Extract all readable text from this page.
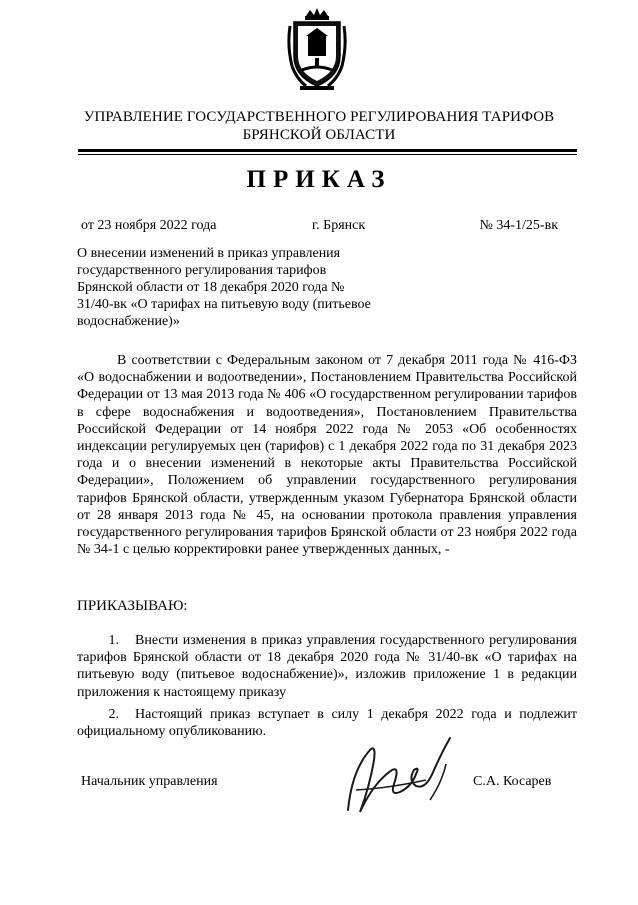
УПРАВЛЕНИЕ ГОСУДАРСТВЕННОГО РЕГУЛИРОВАНИЯ ТАРИФОВ
БРЯНСКОЙ ОБЛАСТИ
ПРИКАЗ
от 23 ноября 2022 года	г. Брянск	№ 34-1/25-вк

О внесении изменений в приказ управления государственного регулирования тарифов Брянской области от 18 декабря 2020 года № 31/40-вк «О тарифах на питьевую воду (питьевое водоснабжение)»

В соответствии с Федеральным законом от 7 декабря 2011 года № 416-ФЗ «О водоснабжении и водоотведении», Постановлением Правительства Российской Федерации от 13 мая 2013 года № 406 «О государственном регулировании тарифов в сфере водоснабжения и водоотведения», Постановлением Правительства Российской Федерации от 14 ноября 2022 года № 2053 «Об особенностях индексации регулируемых цен (тарифов) с 1 декабря 2022 года по 31 декабря 2023 года и о внесении изменений в некоторые акты Правительства Российской Федерации», Положением об управлении государственного регулирования тарифов Брянской области, утвержденным указом Губернатора Брянской области от 28 января 2013 года № 45, на основании протокола правления управления государственного регулирования тарифов Брянской области от 23 ноября 2022 года № 34-1 с целью корректировки ранее утвержденных данных, -

ПРИКАЗЫВАЮ:

1. Внести изменения в приказ управления государственного регулирования тарифов Брянской области от 18 декабря 2020 года № 31/40-вк «О тарифах на питьевую воду (питьевое водоснабжение)», изложив приложение 1 в редакции приложения к настоящему приказу

2. Настоящий приказ вступает в силу 1 декабря 2022 года и подлежит официальному опубликованию.

Начальник управления	С.А. Косарев
